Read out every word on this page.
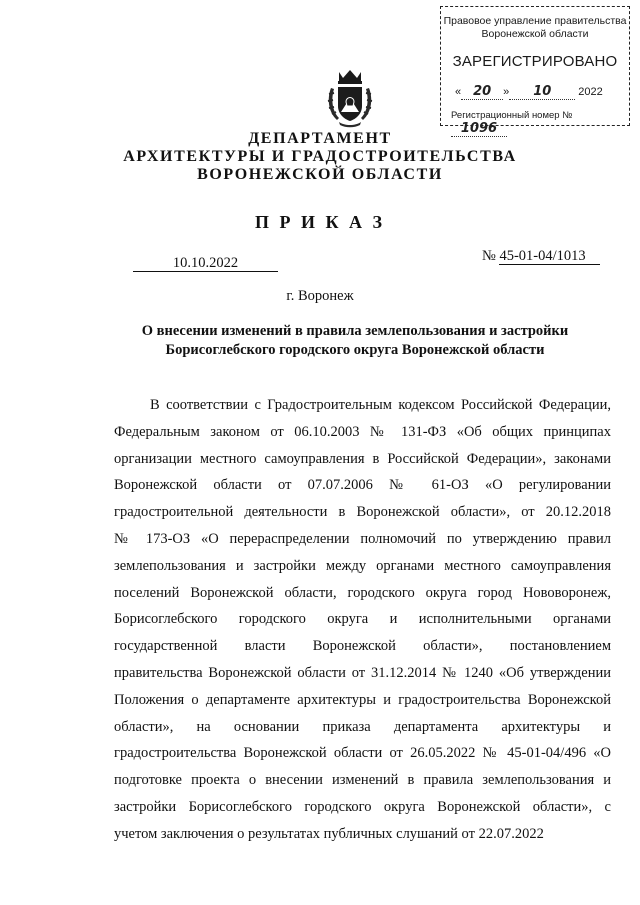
Правовое управление правительства
Воронежской области
ЗАРЕГИСТРИРОВАНО
« 20 » 10 2022
Регистрационный номер №1096
ДЕПАРТАМЕНТ
АРХИТЕКТУРЫ И ГРАДОСТРОИТЕЛЬСТВА
ВОРОНЕЖСКОЙ ОБЛАСТИ
П Р И К А З
10.10.2022	№ 45-01-04/1013
г. Воронеж
О внесении изменений в правила землепользования и застройки
Борисоглебского городского округа Воронежской области
В соответствии с Градостроительным кодексом Российской Федерации,
Федеральным законом от 06.10.2003 № 131-ФЗ «Об общих принципах
организации местного самоуправления в Российской Федерации», законами
Воронежской области от 07.07.2006 № 61-ОЗ «О регулировании
градостроительной деятельности в Воронежской области», от 20.12.2018
№ 173-ОЗ «О перераспределении полномочий по утверждению правил
землепользования и застройки между органами местного самоуправления
поселений Воронежской области, городского округа город Нововоронеж,
Борисоглебского городского округа и исполнительными органами
государственной власти Воронежской области», постановлением
правительства Воронежской области от 31.12.2014 № 1240 «Об утверждении
Положения о департаменте архитектуры и градостроительства Воронежской
области», на основании приказа департамента архитектуры и
градостроительства Воронежской области от 26.05.2022 № 45-01-04/496 «О
подготовке проекта о внесении изменений в правила землепользования и
застройки Борисоглебского городского округа Воронежской области», с
учетом заключения о результатах публичных слушаний от 22.07.2022
